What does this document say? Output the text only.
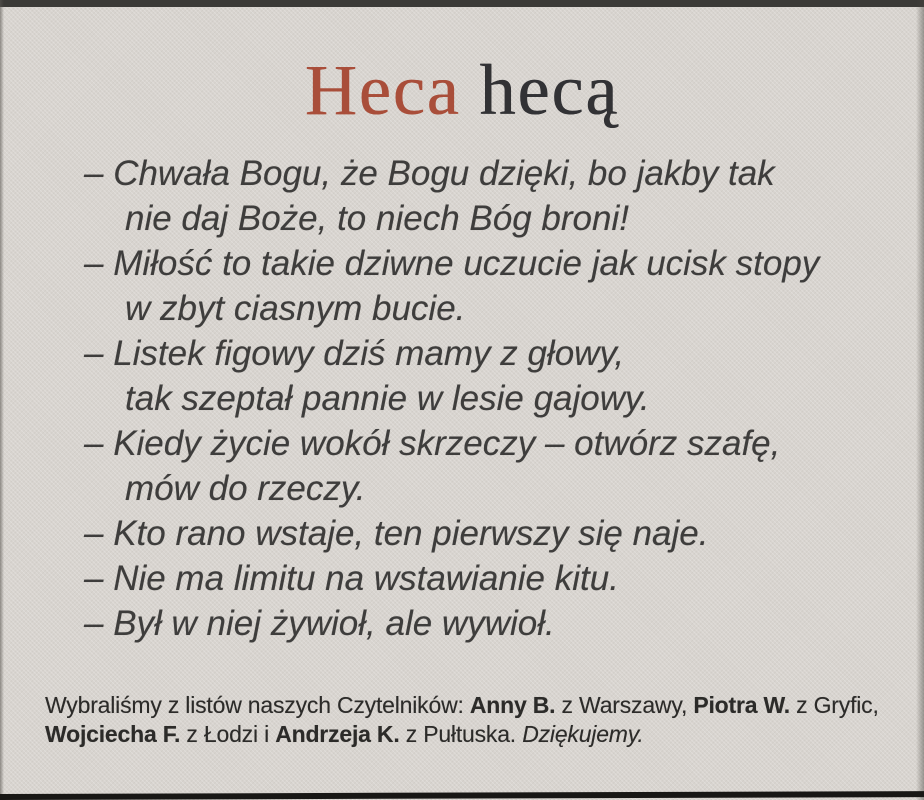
Heca hecą
– Chwała Bogu, że Bogu dzięki, bo jakby tak
nie daj Boże, to niech Bóg broni!
– Miłość to takie dziwne uczucie jak ucisk stopy
w zbyt ciasnym bucie.
– Listek figowy dziś mamy z głowy,
tak szeptał pannie w lesie gajowy.
– Kiedy życie wokół skrzeczy – otwórz szafę,
mów do rzeczy.
– Kto rano wstaje, ten pierwszy się naje.
– Nie ma limitu na wstawianie kitu.
– Był w niej żywioł, ale wywioł.
Wybraliśmy z listów naszych Czytelników: Anny B. z Warszawy, Piotra W. z Gryfic,
Wojciecha F. z Łodzi i Andrzeja K. z Pułtuska. Dziękujemy.
